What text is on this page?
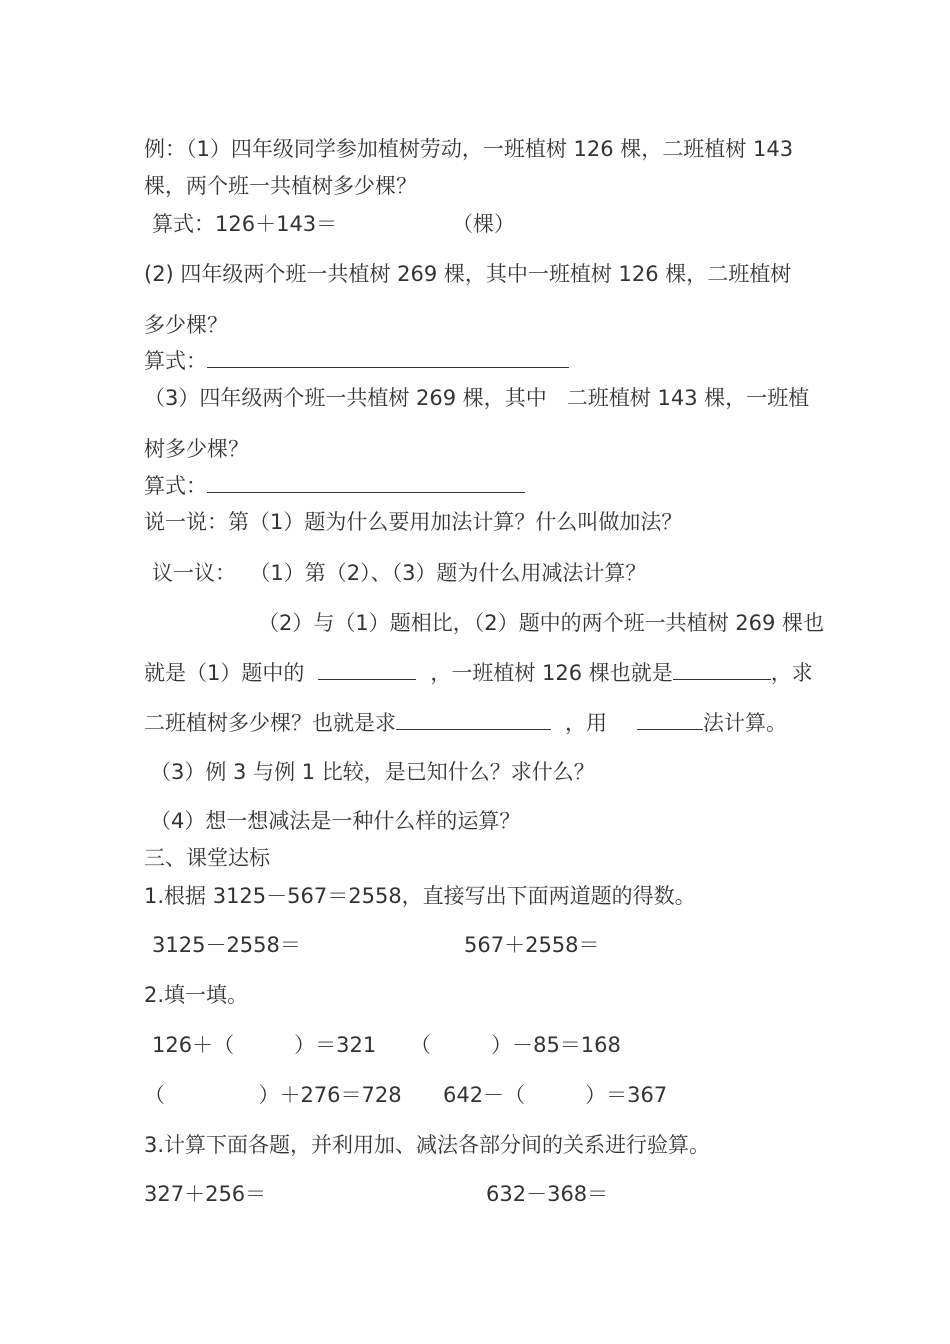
例：（1）四年级同学参加植树劳动，一班植树 126 棵，二班植树 143
棵，两个班一共植树多少棵？
算式：126＋143＝	（棵）
(2) 四年级两个班一共植树 269 棵，其中一班植树 126 棵，二班植树
多少棵？
算式：
（3）四年级两个班一共植树 269 棵，其中   二班植树 143 棵，一班植
树多少棵？
算式：
说一说：第（1）题为什么要用加法计算？什么叫做加法？
议一议：  （1）第（2）、（3）题为什么用减法计算？
（2）与（1）题相比，（2）题中的两个班一共植树 269 棵也
就是（1）题中的	，一班植树 126 棵也就是	，求
二班植树多少棵？也就是求	，用	法计算。
（3）例 3 与例 1 比较，是已知什么？求什么？
（4）想一想减法是一种什么样的运算？
三、课堂达标
1.根据 3125－567＝2558，直接写出下面两道题的得数。
3125－2558＝	567＋2558＝
2.填一填。
126＋（         ）＝321 （         ）－85＝168
（              ）＋276＝728 642－（         ）＝367
3.计算下面各题，并利用加、减法各部分间的关系进行验算。
327＋256＝	632－368＝
